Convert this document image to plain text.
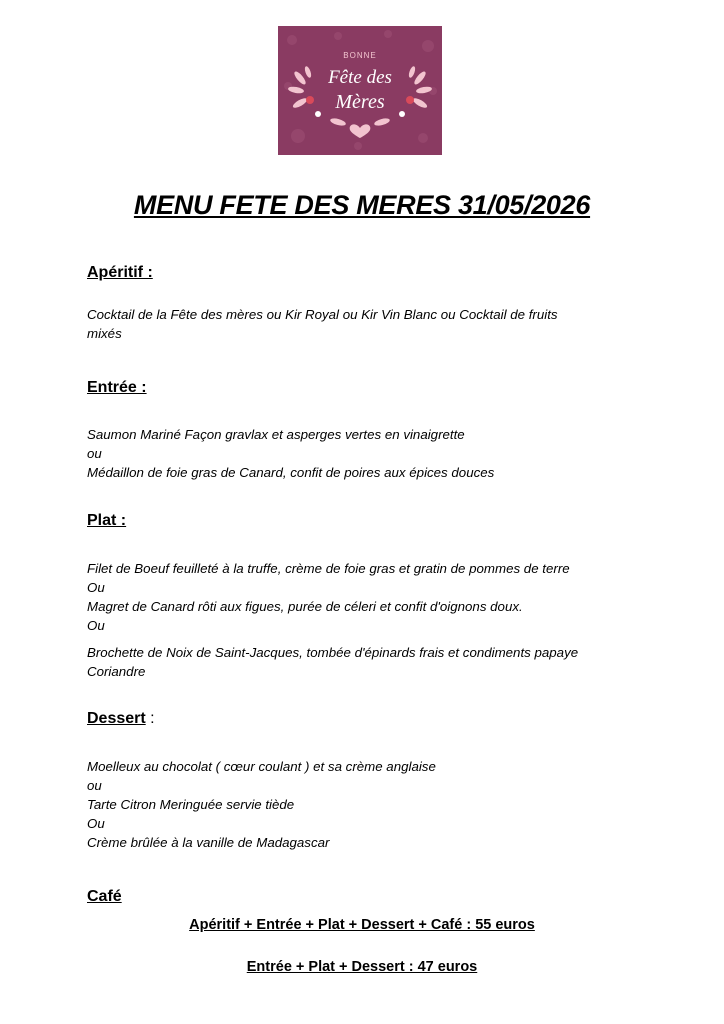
BONNE
Fête des
Mères
MENU FETE DES MERES 31/05/2026
Apéritif :
Cocktail de la Fête des mères ou Kir Royal ou Kir Vin Blanc ou Cocktail de fruits
mixés
Entrée :
Saumon Mariné Façon gravlax et asperges vertes en vinaigrette
ou
Médaillon de foie gras de Canard, confit de poires aux épices douces
Plat :
Filet de Boeuf feuilleté à la truffe, crème de foie gras et gratin de pommes de terre
Ou
Magret de Canard rôti aux figues, purée de céleri et confit d'oignons doux.
Ou
Brochette de Noix de Saint-Jacques, tombée d'épinards frais et condiments papaye
Coriandre
Dessert :
Moelleux au chocolat ( cœur coulant ) et sa crème anglaise
ou
Tarte Citron Meringuée servie tiède
Ou
Crème brûlée à la vanille de Madagascar
Café
Apéritif + Entrée + Plat + Dessert + Café : 55 euros
Entrée + Plat + Dessert : 47 euros
